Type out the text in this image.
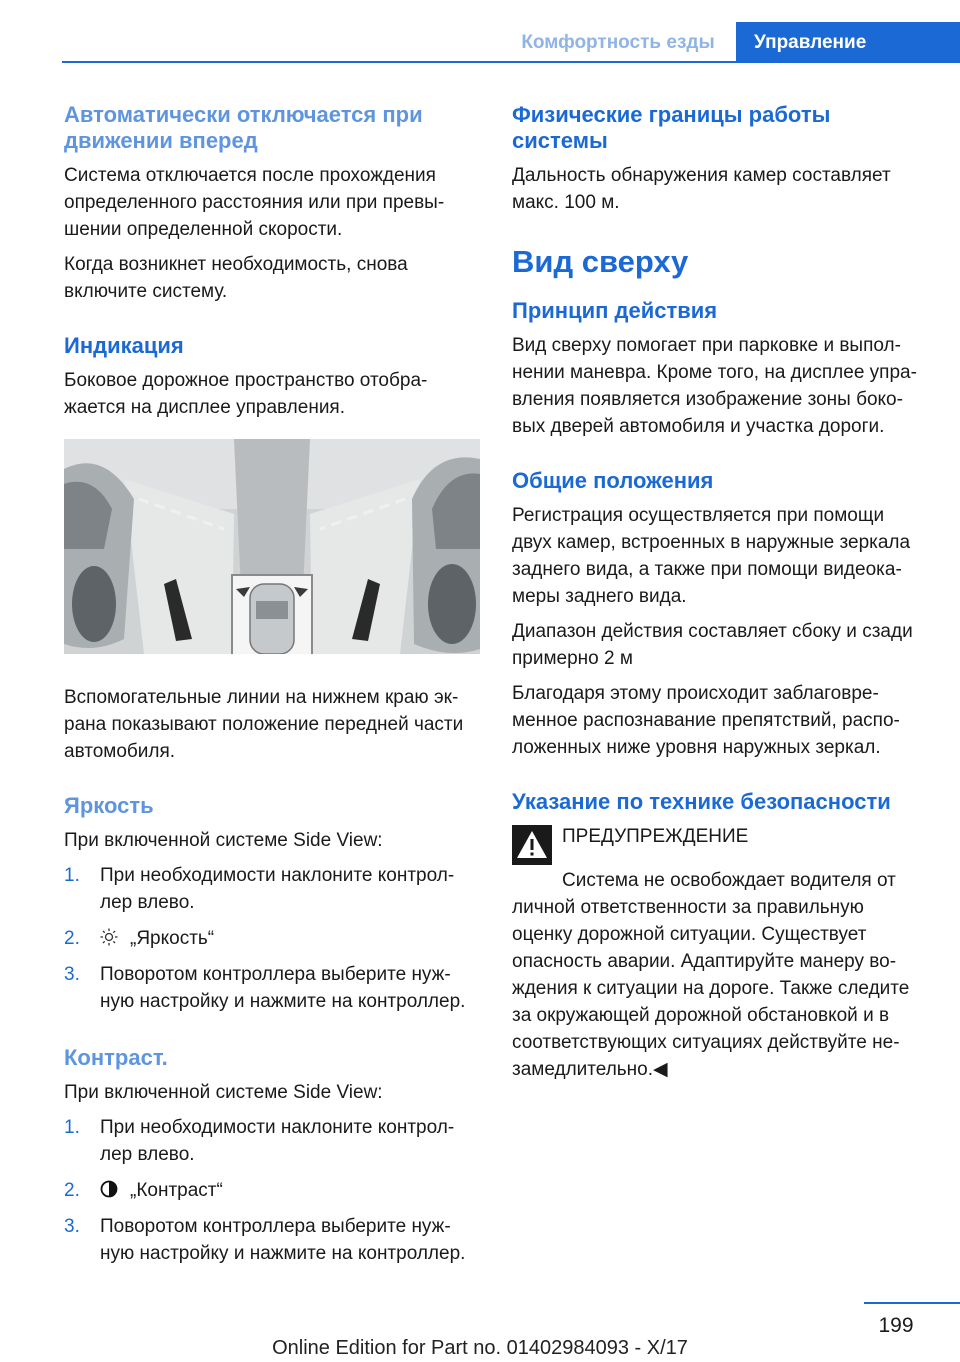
Комфортность езды	Управление
Автоматически отключается при движении вперед

Система отключается после прохождения определенного расстояния или при превы‐шении определенной скорости.

Когда возникнет необходимость, снова включите систему.

Индикация

Боковое дорожное пространство отобра‐жается на дисплее управления.

Вспомогательные линии на нижнем краю эк‐рана показывают положение передней части автомобиля.

Яркость

При включенной системе Side View:

1. При необходимости наклоните контрол‐лер влево.
2.	„Яркость“
3. Поворотом контроллера выберите нуж‐ную настройку и нажмите на контроллер.
Контраст.

При включенной системе Side View:

1. При необходимости наклоните контрол‐лер влево.
2.	„Контраст“
3. Поворотом контроллера выберите нуж‐ную настройку и нажмите на контроллер.
Физические границы работы системы

Дальность обнаружения камер составляет макс. 100 м.

Вид сверху
Принцип действия

Вид сверху помогает при парковке и выпол‐нении маневра. Кроме того, на дисплее упра‐вления появляется изображение зоны боко‐вых дверей автомобиля и участка дороги.

Общие положения

Регистрация осуществляется при помощи двух камер, встроенных в наружные зеркала заднего вида, а также при помощи видеока‐меры заднего вида.

Диапазон действия составляет сбоку и сзади примерно 2 м

Благодаря этому происходит заблаговре‐менное распознавание препятствий, распо‐ложенных ниже уровня наружных зеркал.

Указание по технике безопасности

ПРЕДУПРЕЖДЕНИЕ

Система не освобождает водителя от личной ответственности за правильную оценку дорожной ситуации. Существует опасность аварии. Адаптируйте манеру во‐ждения к ситуации на дороге. Также следите за окружающей дорожной обстановкой и в соответствующих ситуациях действуйте не‐замедлительно.◀

199
Online Edition for Part no. 01402984093 - X/17
